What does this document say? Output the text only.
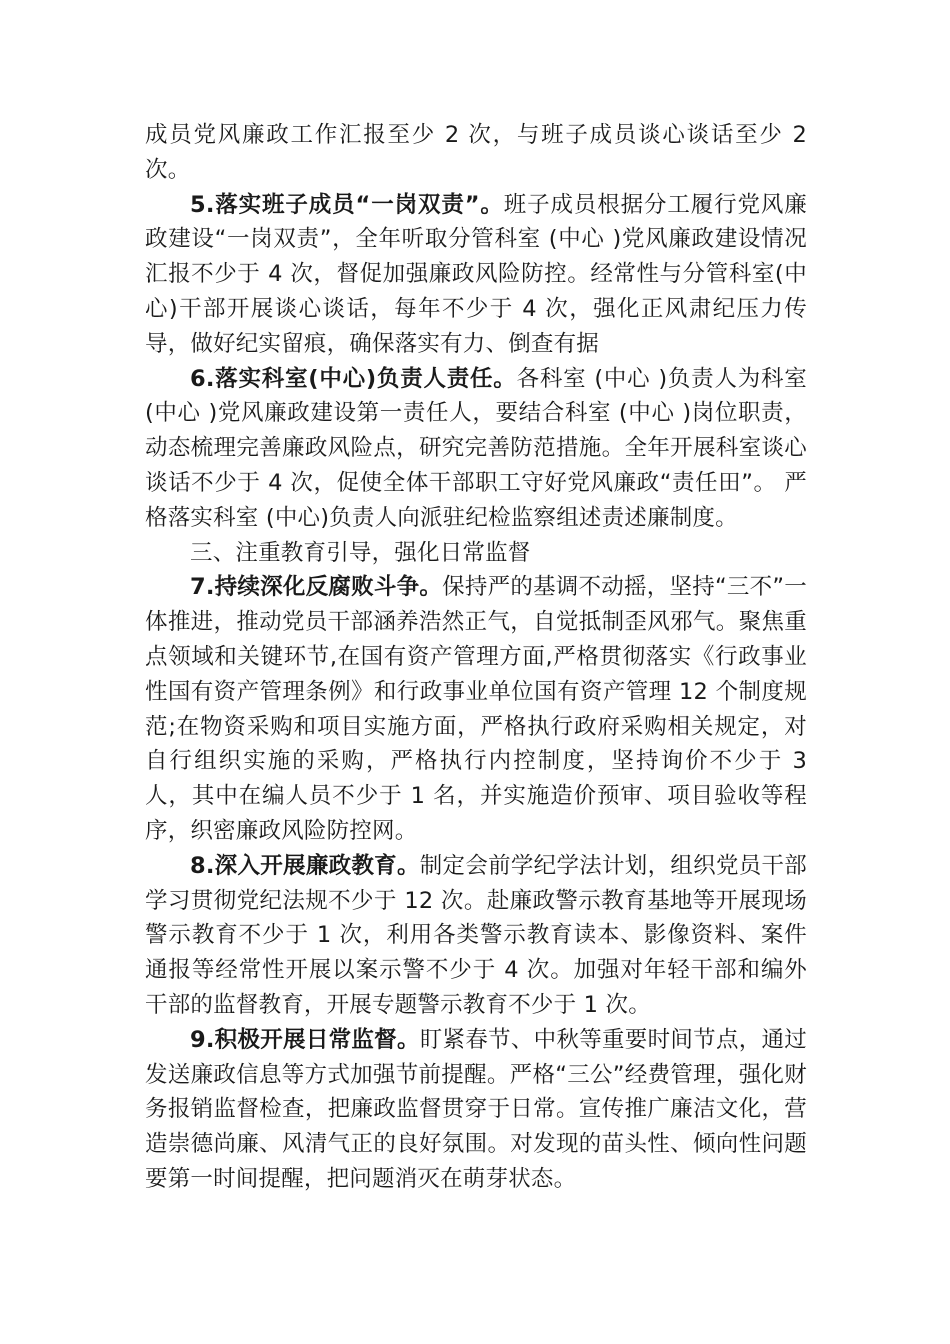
成员党风廉政工作汇报至少 2 次，与班子成员谈心谈话至少 2 次。

5.落实班子成员“一岗双责”。班子成员根据分工履行党风廉政建设“一岗双责”，全年听取分管科室 (中心 )党风廉政建设情况汇报不少于 4 次，督促加强廉政风险防控。经常性与分管科室(中心)干部开展谈心谈话，每年不少于 4 次，强化正风肃纪压力传导，做好纪实留痕，确保落实有力、倒查有据

6.落实科室(中心)负责人责任。各科室 (中心 )负责人为科室 (中心 )党风廉政建设第一责任人，要结合科室 (中心 )岗位职责，动态梳理完善廉政风险点，研究完善防范措施。全年开展科室谈心谈话不少于 4 次，促使全体干部职工守好党风廉政“责任田”。 严格落实科室 (中心)负责人向派驻纪检监察组述责述廉制度。

三、注重教育引导，强化日常监督

7.持续深化反腐败斗争。保持严的基调不动摇，坚持“三不”一体推进，推动党员干部涵养浩然正气，自觉抵制歪风邪气。聚焦重点领域和关键环节,在国有资产管理方面,严格贯彻落实《行政事业性国有资产管理条例》和行政事业单位国有资产管理 12 个制度规范;在物资采购和项目实施方面，严格执行政府采购相关规定，对自行组织实施的采购，严格执行内控制度，坚持询价不少于 3 人，其中在编人员不少于 1 名，并实施造价预审、项目验收等程序，织密廉政风险防控网。

8.深入开展廉政教育。制定会前学纪学法计划，组织党员干部学习贯彻党纪法规不少于 12 次。赴廉政警示教育基地等开展现场警示教育不少于 1 次，利用各类警示教育读本、影像资料、案件通报等经常性开展以案示警不少于 4 次。加强对年轻干部和编外干部的监督教育，开展专题警示教育不少于 1 次。

9.积极开展日常监督。盯紧春节、中秋等重要时间节点，通过发送廉政信息等方式加强节前提醒。严格“三公”经费管理，强化财务报销监督检查，把廉政监督贯穿于日常。宣传推广廉洁文化，营造崇德尚廉、风清气正的良好氛围。对发现的苗头性、倾向性问题要第一时间提醒，把问题消灭在萌芽状态。
